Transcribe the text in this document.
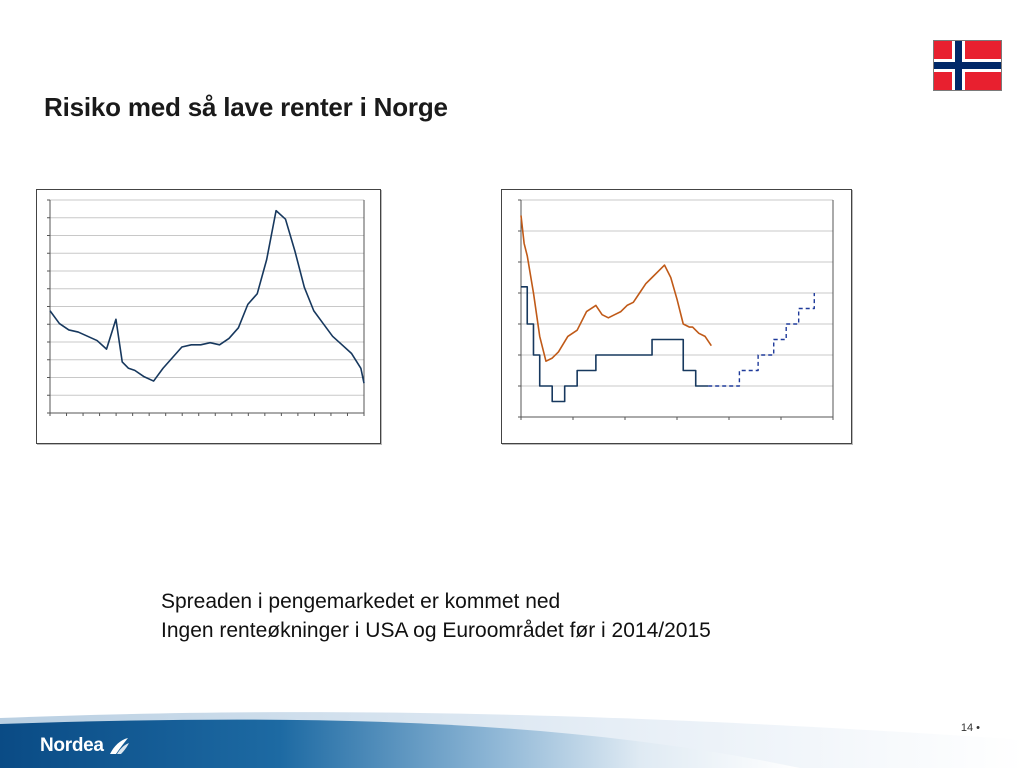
Risiko med så lave renter i Norge
Spreaden i pengemarkedet er kommet ned
Ingen renteøkninger i USA og Euroområdet før i 2014/2015
Nordea
14 •
